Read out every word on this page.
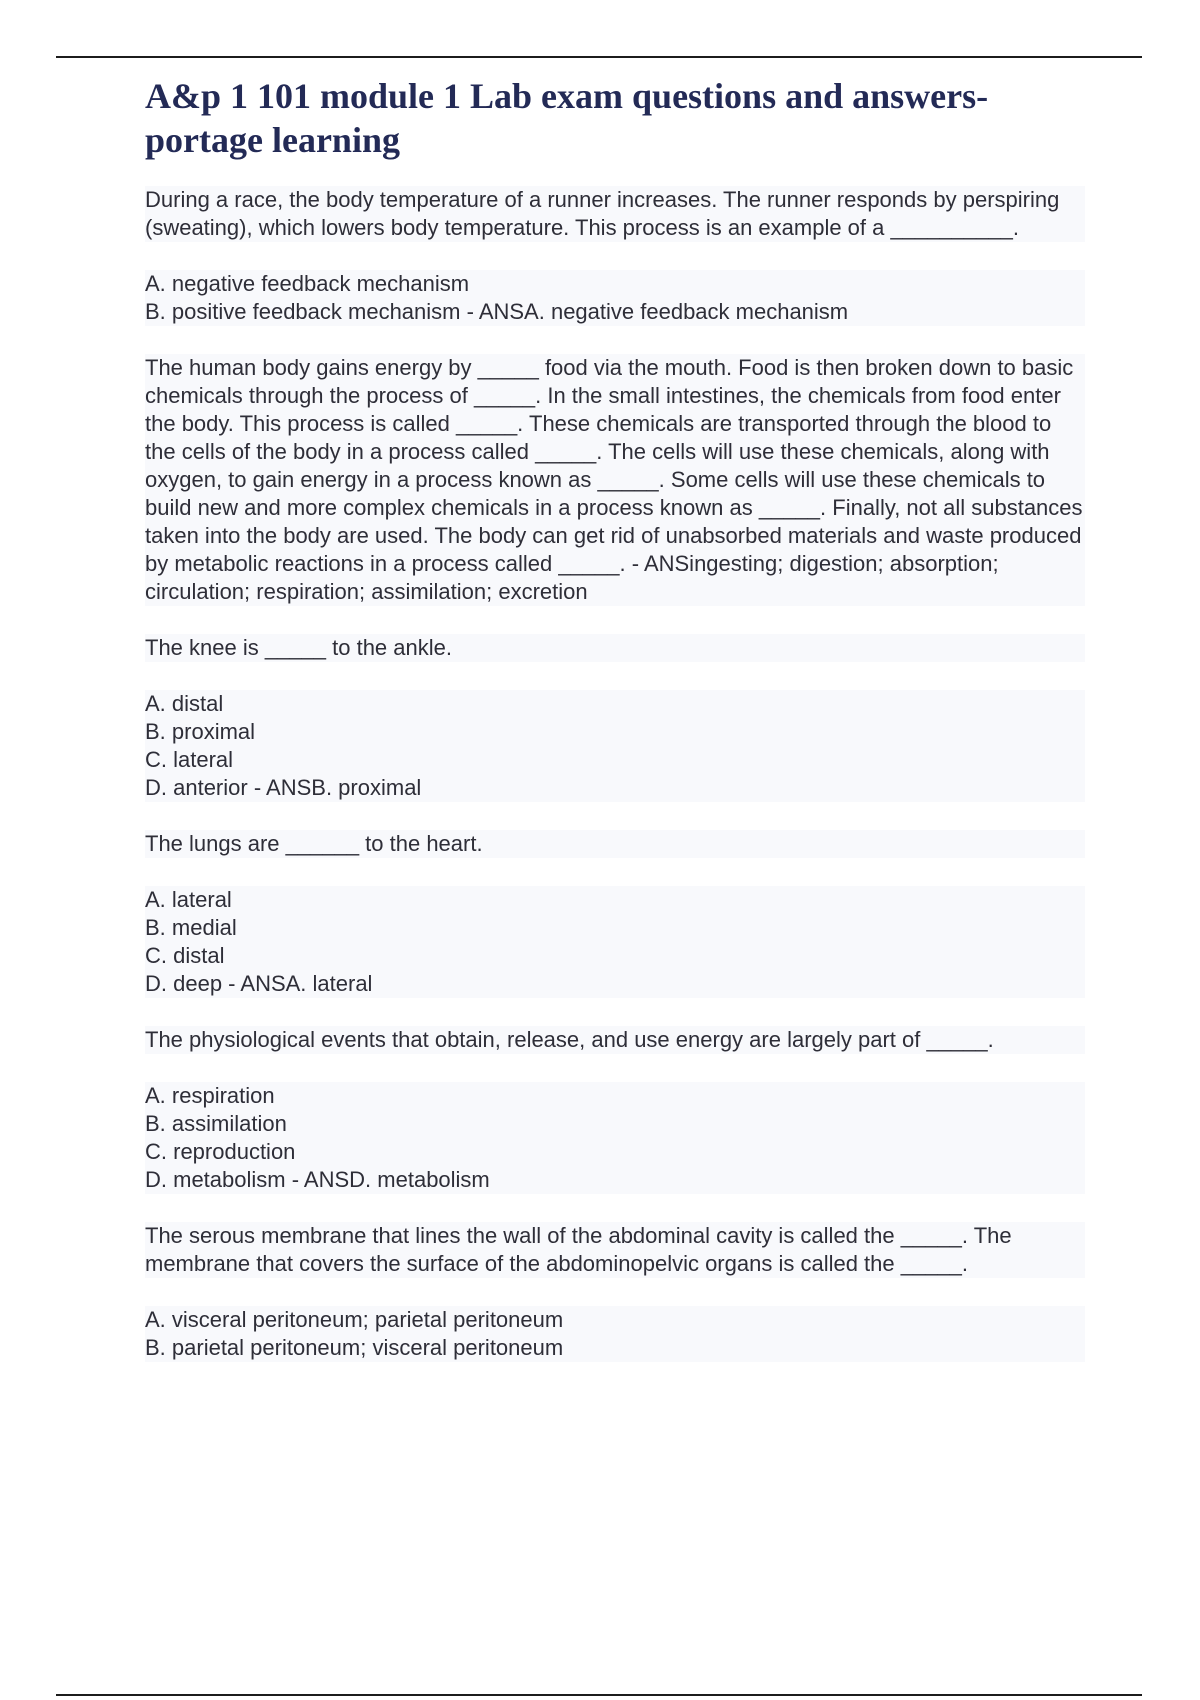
A&p 1 101 module 1 Lab exam questions and answers- portage learning

During a race, the body temperature of a runner increases. The runner responds by perspiring (sweating), which lowers body temperature. This process is an example of a __________.

A. negative feedback mechanism
B. positive feedback mechanism - ANSA. negative feedback mechanism

The human body gains energy by _____ food via the mouth. Food is then broken down to basic chemicals through the process of _____. In the small intestines, the chemicals from food enter the body. This process is called _____. These chemicals are transported through the blood to the cells of the body in a process called _____. The cells will use these chemicals, along with oxygen, to gain energy in a process known as _____. Some cells will use these chemicals to build new and more complex chemicals in a process known as _____. Finally, not all substances taken into the body are used. The body can get rid of unabsorbed materials and waste produced by metabolic reactions in a process called _____. - ANSingesting; digestion; absorption; circulation; respiration; assimilation; excretion

The knee is _____ to the ankle.

A. distal
B. proximal
C. lateral
D. anterior - ANSB. proximal

The lungs are ______ to the heart.

A. lateral
B. medial
C. distal
D. deep - ANSA. lateral

The physiological events that obtain, release, and use energy are largely part of _____.

A. respiration
B. assimilation
C. reproduction
D. metabolism - ANSD. metabolism

The serous membrane that lines the wall of the abdominal cavity is called the _____. The membrane that covers the surface of the abdominopelvic organs is called the _____.

A. visceral peritoneum; parietal peritoneum
B. parietal peritoneum; visceral peritoneum
